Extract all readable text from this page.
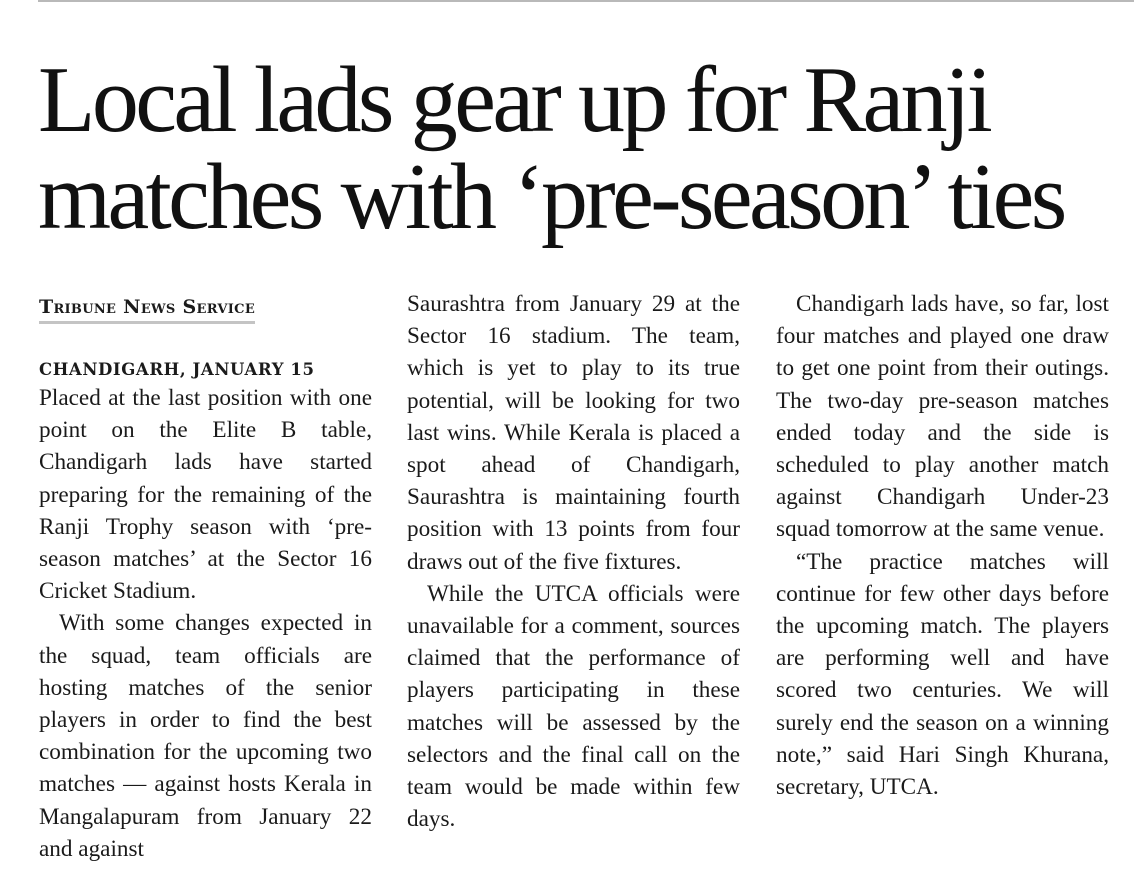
Local lads gear up for Ranji
matches with ‘pre-season’ ties
Tribune News Service
CHANDIGARH, JANUARY 15

Placed at the last position with one point on the Elite B table, Chandigarh lads have started preparing for the remaining of the Ranji Trophy season with ‘pre-season matches’ at the Sector 16 Cricket Stadium.

With some changes expected in the squad, team officials are hosting matches of the senior players in order to find the best combination for the upcoming two matches — against hosts Kerala in Mangalapuram from January 22 and against

Saurashtra from January 29 at the Sector 16 stadium. The team, which is yet to play to its true potential, will be looking for two last wins. While Kerala is placed a spot ahead of Chandigarh, Saurashtra is maintaining fourth position with 13 points from four draws out of the five fixtures.

While the UTCA officials were unavailable for a comment, sources claimed that the performance of players participating in these matches will be assessed by the selectors and the final call on the team would be made within few days.

Chandigarh lads have, so far, lost four matches and played one draw to get one point from their outings. The two-day pre-season matches ended today and the side is scheduled to play another match against Chandigarh Under-23 squad tomorrow at the same venue.

“The practice matches will continue for few other days before the upcoming match. The players are performing well and have scored two centuries. We will surely end the season on a winning note,” said Hari Singh Khurana, secretary, UTCA.
